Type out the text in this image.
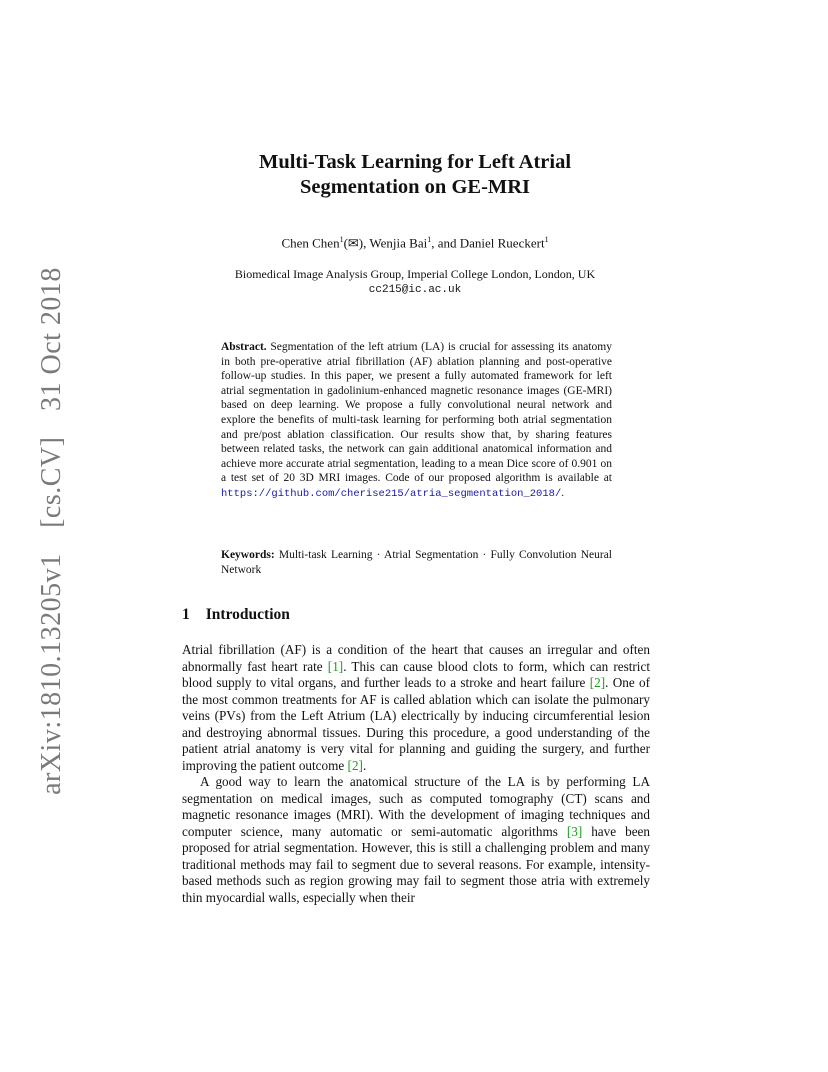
arXiv:1810.13205v1 [cs.CV] 31 Oct 2018
Multi-Task Learning for Left Atrial
Segmentation on GE-MRI
Chen Chen$^1$(✉), Wenjia Bai$^1$, and Daniel Rueckert$^1$
Biomedical Image Analysis Group, Imperial College London, London, UK
cc215@ic.ac.uk
Abstract. Segmentation of the left atrium (LA) is crucial for assessing its anatomy in both pre-operative atrial fibrillation (AF) ablation planning and post-operative follow-up studies. In this paper, we present a fully automated framework for left atrial segmentation in gadolinium-enhanced magnetic resonance images (GE-MRI) based on deep learning. We propose a fully convolutional neural network and explore the benefits of multi-task learning for performing both atrial segmentation and pre/post ablation classification. Our results show that, by sharing features between related tasks, the network can gain additional anatomical information and achieve more accurate atrial segmentation, leading to a mean Dice score of 0.901 on a test set of 20 3D MRI images. Code of our proposed algorithm is available at https://github.com/cherise215/atria_segmentation_2018/.
Keywords: Multi-task Learning · Atrial Segmentation · Fully Convolution Neural Network
1 Introduction

Atrial fibrillation (AF) is a condition of the heart that causes an irregular and often abnormally fast heart rate [1]. This can cause blood clots to form, which can restrict blood supply to vital organs, and further leads to a stroke and heart failure [2]. One of the most common treatments for AF is called ablation which can isolate the pulmonary veins (PVs) from the Left Atrium (LA) electrically by inducing circumferential lesion and destroying abnormal tissues. During this procedure, a good understanding of the patient atrial anatomy is very vital for planning and guiding the surgery, and further improving the patient outcome [2].

A good way to learn the anatomical structure of the LA is by performing LA segmentation on medical images, such as computed tomography (CT) scans and magnetic resonance images (MRI). With the development of imaging techniques and computer science, many automatic or semi-automatic algorithms [3] have been proposed for atrial segmentation. However, this is still a challenging problem and many traditional methods may fail to segment due to several reasons. For example, intensity-based methods such as region growing may fail to segment those atria with extremely thin myocardial walls, especially when their
